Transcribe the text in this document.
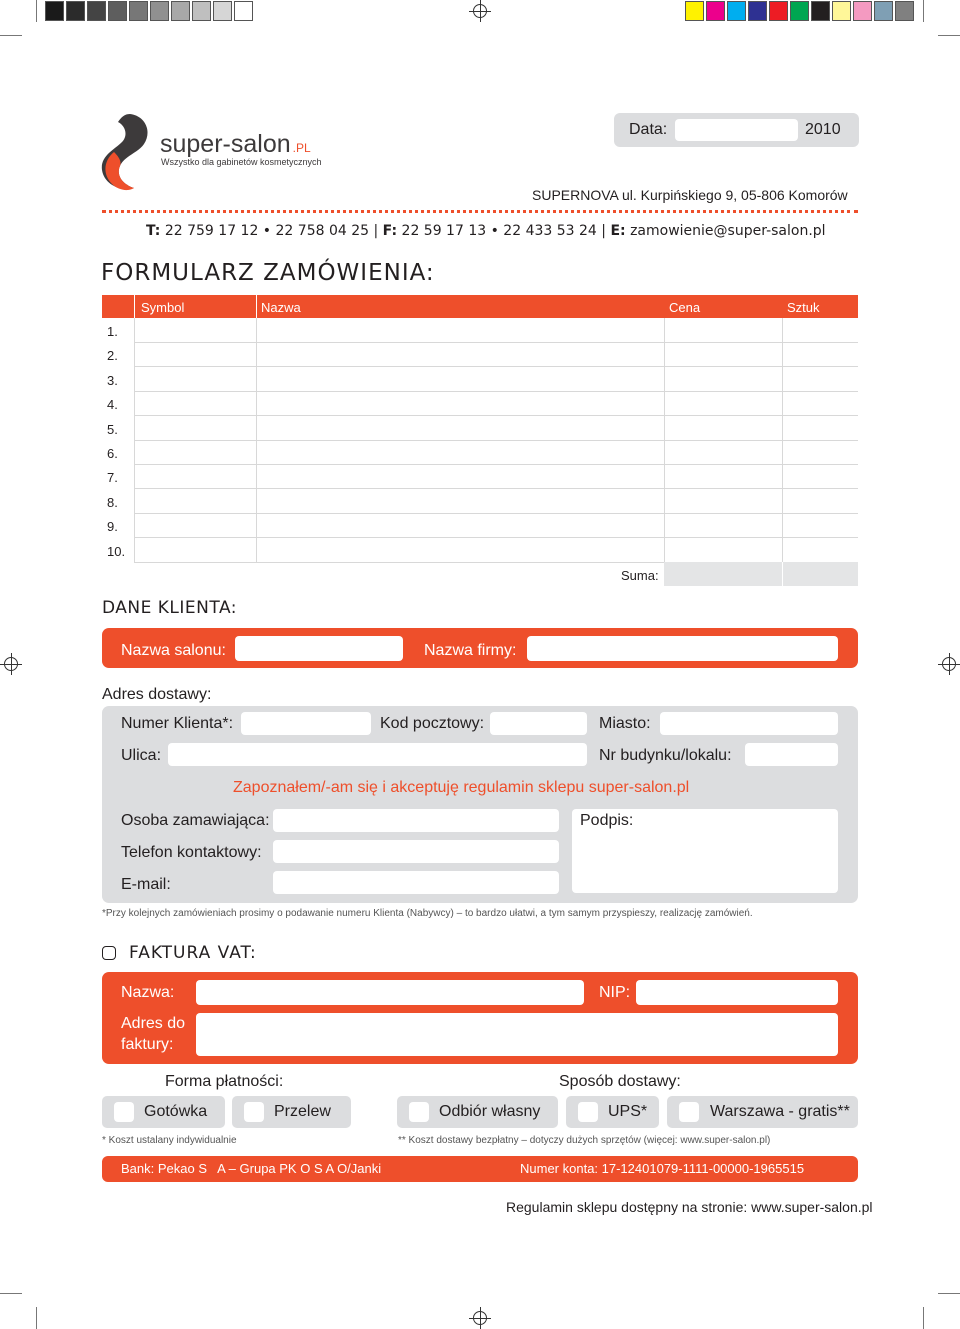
super-salon .PL
Wszystko dla gabinetów kosmetycznych
Data:	2010
SUPERNOVA ul. Kurpińskiego 9, 05-806 Komorów
T: 22 759 17 12 • 22 758 04 25 | F: 22 59 17 13 • 22 433 53 24 | E: zamowienie@super-salon.pl
FORMULARZ ZAMÓWIENIA:
Symbol	Nazwa	Cena	Sztuk
1.
2.
3.
4.
5.
6.
7.
8.
9.
10.
Suma:
DANE KLIENTA:
Nazwa salonu:	Nazwa firmy:
Adres dostawy:
Numer Klienta*:	Kod pocztowy:	Miasto:
Ulica:	Nr budynku/lokalu:
Zapoznałem/-am się i akceptuję regulamin sklepu super-salon.pl
Osoba zamawiająca:
Telefon kontaktowy:
E-mail:
Podpis:
*Przy kolejnych zamówieniach prosimy o podawanie numeru Klienta (Nabywcy) – to bardzo ułatwi, a tym samym przyspieszy, realizację zamówień.
FAKTURA VAT:
Nazwa:	NIP:
Adres do
faktury:
Forma płatności:	Sposób dostawy:
Gotówka	Przelew	Odbiór własny	UPS*	Warszawa - gratis**
* Koszt ustalany indywidualnie	** Koszt dostawy bezpłatny – dotyczy dużych sprzętów (więcej: www.super-salon.pl)
Bank: Pekao S   A – Grupa PK O S A O/Janki	Numer konta: 17-12401079-1111-00000-1965515
Regulamin sklepu dostępny na stronie: www.super-salon.pl
